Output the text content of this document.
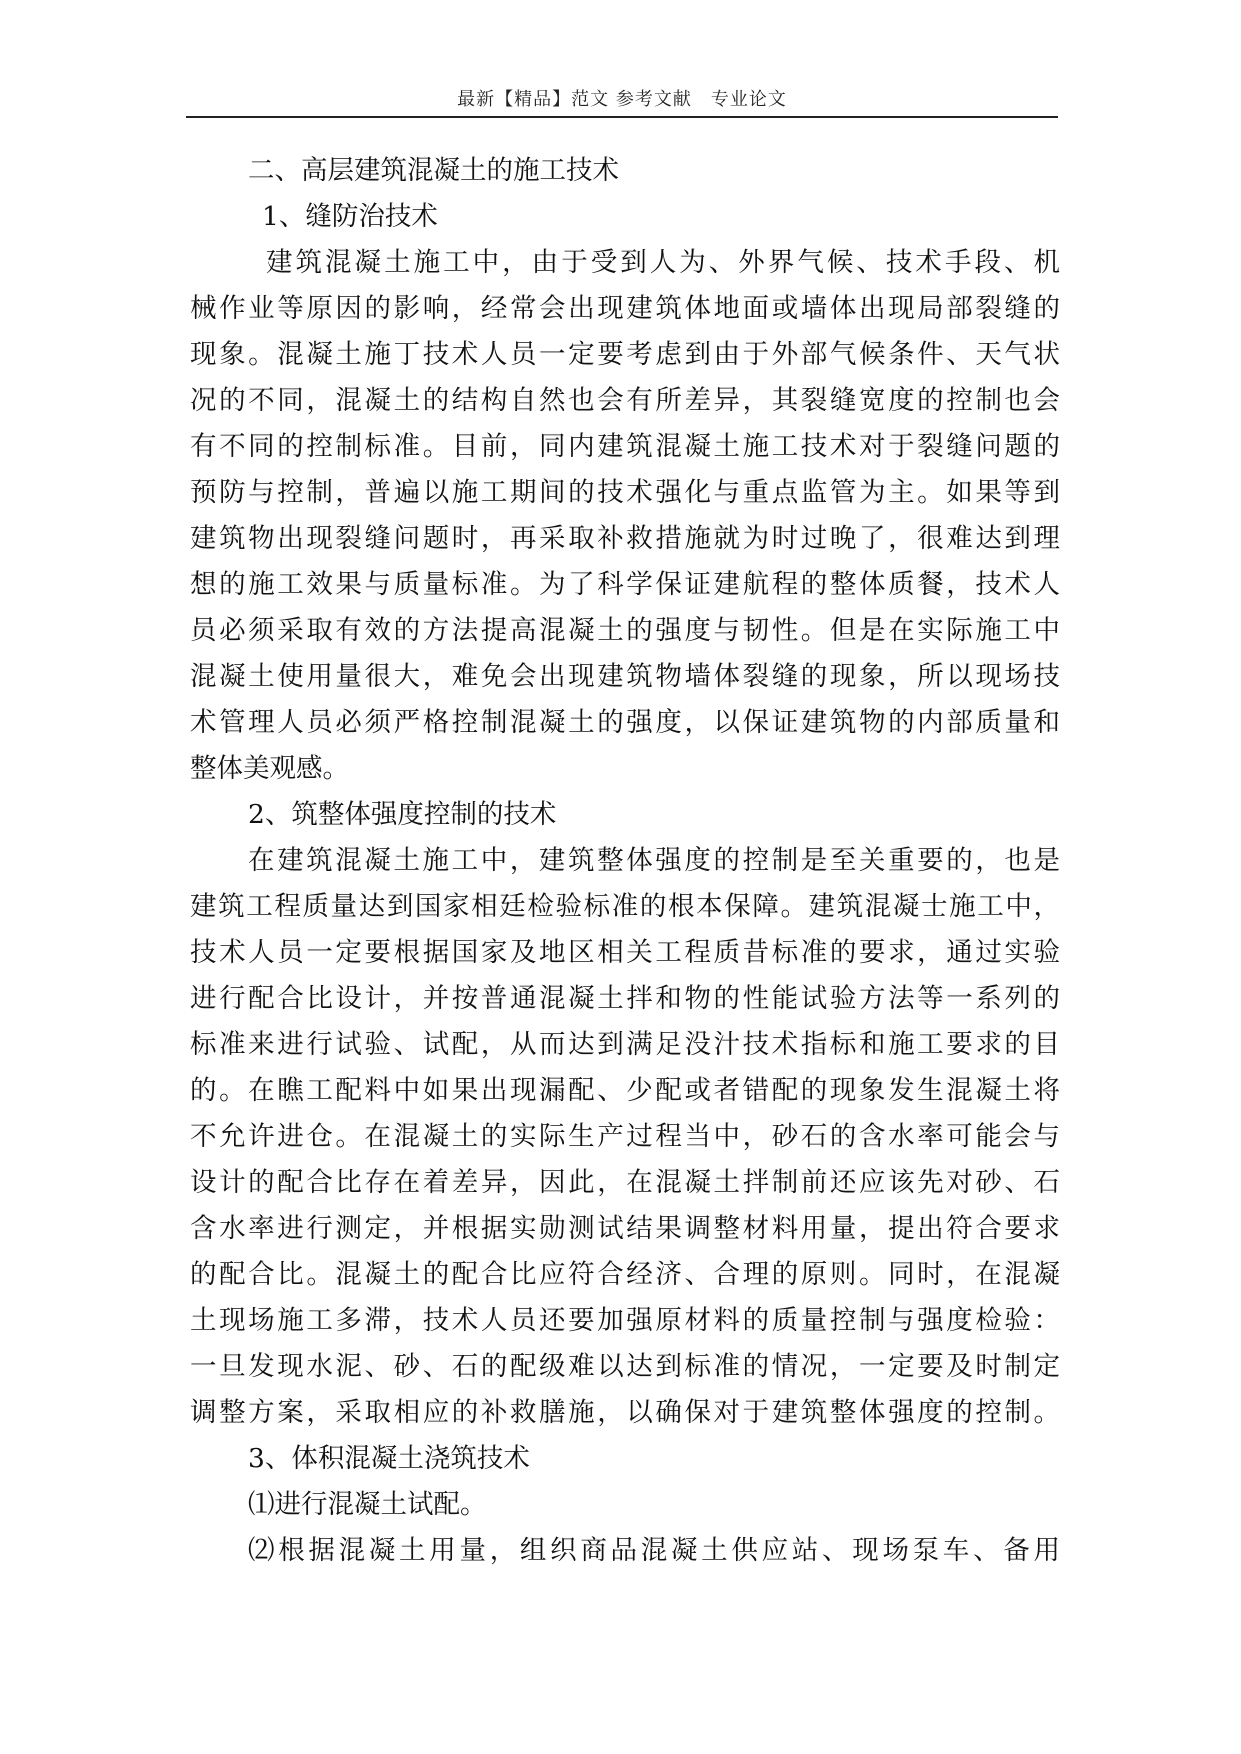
最新【精品】范文 参考文献　专业论文
二、高层建筑混凝土的施工技术
1、缝防治技术
建筑混凝土施工中，由于受到人为、外界气候、技术手段、机
械作业等原因的影响，经常会出现建筑体地面或墙体出现局部裂缝的
现象。混凝土施丁技术人员一定要考虑到由于外部气候条件、天气状
况的不同，混凝土的结构自然也会有所差异，其裂缝宽度的控制也会
有不同的控制标准。目前，同内建筑混凝土施工技术对于裂缝问题的
预防与控制，普遍以施工期间的技术强化与重点监管为主。如果等到
建筑物出现裂缝问题时，再采取补救措施就为时过晚了，很难达到理
想的施工效果与质量标准。为了科学保证建航程的整体质餐，技术人
员必须采取有效的方法提高混凝土的强度与韧性。但是在实际施工中
混凝土使用量很大，难免会出现建筑物墙体裂缝的现象，所以现场技
术管理人员必须严格控制混凝土的强度，以保证建筑物的内部质量和
整体美观感。
2、筑整体强度控制的技术
在建筑混凝土施工中，建筑整体强度的控制是至关重要的，也是
建筑工程质量达到国家相廷检验标准的根本保障。建筑混凝士施工中，
技术人员一定要根据国家及地区相关工程质昔标准的要求，通过实验
进行配合比设计，并按普通混凝土拌和物的性能试验方法等一系列的
标准来进行试验、试配，从而达到满足没汁技术指标和施工要求的目
的。在瞧工配料中如果出现漏配、少配或者错配的现象发生混凝土将
不允许进仓。在混凝土的实际生产过程当中，砂石的含水率可能会与
设计的配合比存在着差异，因此，在混凝土拌制前还应该先对砂、石
含水率进行测定，并根据实勋测试结果调整材料用量，提出符合要求
的配合比。混凝土的配合比应符合经济、合理的原则。同时，在混凝
土现场施工多滞，技术人员还要加强原材料的质量控制与强度检验：
一旦发现水泥、砂、石的配级难以达到标准的情况，一定要及时制定
调整方案，采取相应的补救膳施，以确保对于建筑整体强度的控制。
3、体积混凝土浇筑技术
⑴进行混凝土试配。
⑵根据混凝土用量，组织商品混凝土供应站、现场泵车、备用
